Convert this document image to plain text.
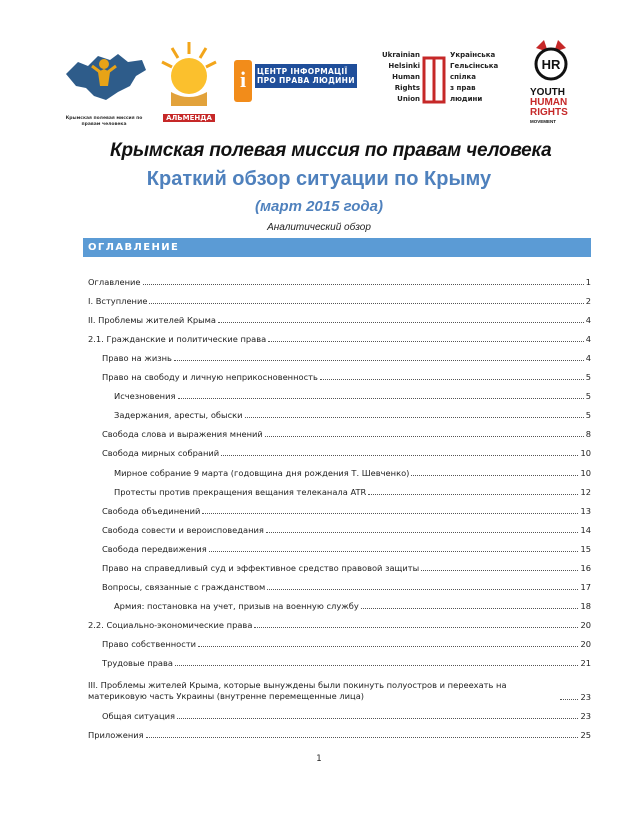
Крымская полевая миссия по правам человека
АЛЬМЕНДА
i	ЦЕНТР ІНФОРМАЦІЇ
ПРО ПРАВА ЛЮДИНИ
Ukrainian
Helsinki
Human
Rights Union
Українська
Гельсінська
спілка
з прав людини
HR
YOUTH
HUMAN
RIGHTS
MOVEMENT
Крымская полевая миссия по правам человека
Краткий обзор ситуации по Крыму
(март 2015 года)
Аналитический обзор
ОГЛАВЛЕНИЕ
Оглавление	1
I. Вступление	2
II. Проблемы жителей Крыма	4
2.1. Гражданские и политические права	4
Право на жизнь	4
Право на свободу и личную неприкосновенность	5
Исчезновения	5
Задержания, аресты, обыски	5
Свобода слова и выражения мнений	8
Свобода мирных собраний	10
Мирное собрание 9 марта (годовщина дня рождения Т. Шевченко)	10
Протесты против прекращения вещания телеканала ATR	12
Свобода объединений	13
Свобода совести и вероисповедания	14
Свобода передвижения	15
Право на справедливый суд и эффективное средство правовой защиты	16
Вопросы, связанные с гражданством	17
Армия: постановка на учет, призыв на военную службу	18
2.2. Социально-экономические права	20
Право собственности	20
Трудовые права	21
III. Проблемы жителей Крыма, которые вынуждены были покинуть полуостров и переехать на материковую часть Украины (внутренне перемещенные лица)	23
Общая ситуация	23
Приложения	25
1
